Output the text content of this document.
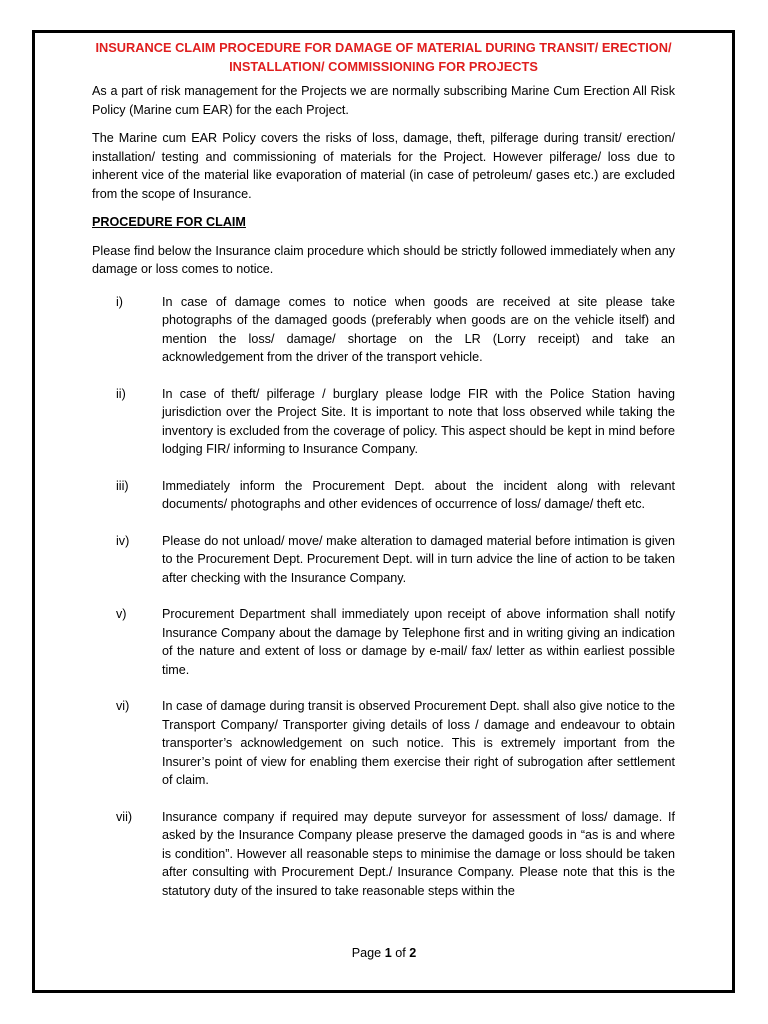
INSURANCE CLAIM PROCEDURE FOR DAMAGE OF MATERIAL DURING TRANSIT/ ERECTION/ INSTALLATION/ COMMISSIONING FOR PROJECTS

As a part of risk management for the Projects we are normally subscribing Marine Cum Erection All Risk Policy (Marine cum EAR) for the each Project.

The Marine cum EAR Policy covers the risks of loss, damage, theft, pilferage during transit/ erection/ installation/ testing and commissioning of materials for the Project. However pilferage/ loss due to inherent vice of the material like evaporation of material (in case of petroleum/ gases etc.) are excluded from the scope of Insurance.

PROCEDURE FOR CLAIM

Please find below the Insurance claim procedure which should be strictly followed immediately when any damage or loss comes to notice.

i)	In case of damage comes to notice when goods are received at site please take photographs of the damaged goods (preferably when goods are on the vehicle itself) and mention the loss/ damage/ shortage on the LR (Lorry receipt) and take an acknowledgement from the driver of the transport vehicle.
ii)	In case of theft/ pilferage / burglary please lodge FIR with the Police Station having jurisdiction over the Project Site. It is important to note that loss observed while taking the inventory is excluded from the coverage of policy. This aspect should be kept in mind before lodging FIR/ informing to Insurance Company.
iii)	Immediately inform the Procurement Dept. about the incident along with relevant documents/ photographs and other evidences of occurrence of loss/ damage/ theft etc.
iv)	Please do not unload/ move/ make alteration to damaged material before intimation is given to the Procurement Dept. Procurement Dept. will in turn advice the line of action to be taken after checking with the Insurance Company.
v)	Procurement Department shall immediately upon receipt of above information shall notify Insurance Company about the damage by Telephone first and in writing giving an indication of the nature and extent of loss or damage by e-mail/ fax/ letter as within earliest possible time.
vi)	In case of damage during transit is observed Procurement Dept. shall also give notice to the Transport Company/ Transporter giving details of loss / damage and endeavour to obtain transporter’s acknowledgement on such notice. This is extremely important from the Insurer’s point of view for enabling them exercise their right of subrogation after settlement of claim.
vii)	Insurance company if required may depute surveyor for assessment of loss/ damage. If asked by the Insurance Company please preserve the damaged goods in “as is and where is condition”. However all reasonable steps to minimise the damage or loss should be taken after consulting with Procurement Dept./ Insurance Company. Please note that this is the statutory duty of the insured to take reasonable steps within the
Page 1 of 2
